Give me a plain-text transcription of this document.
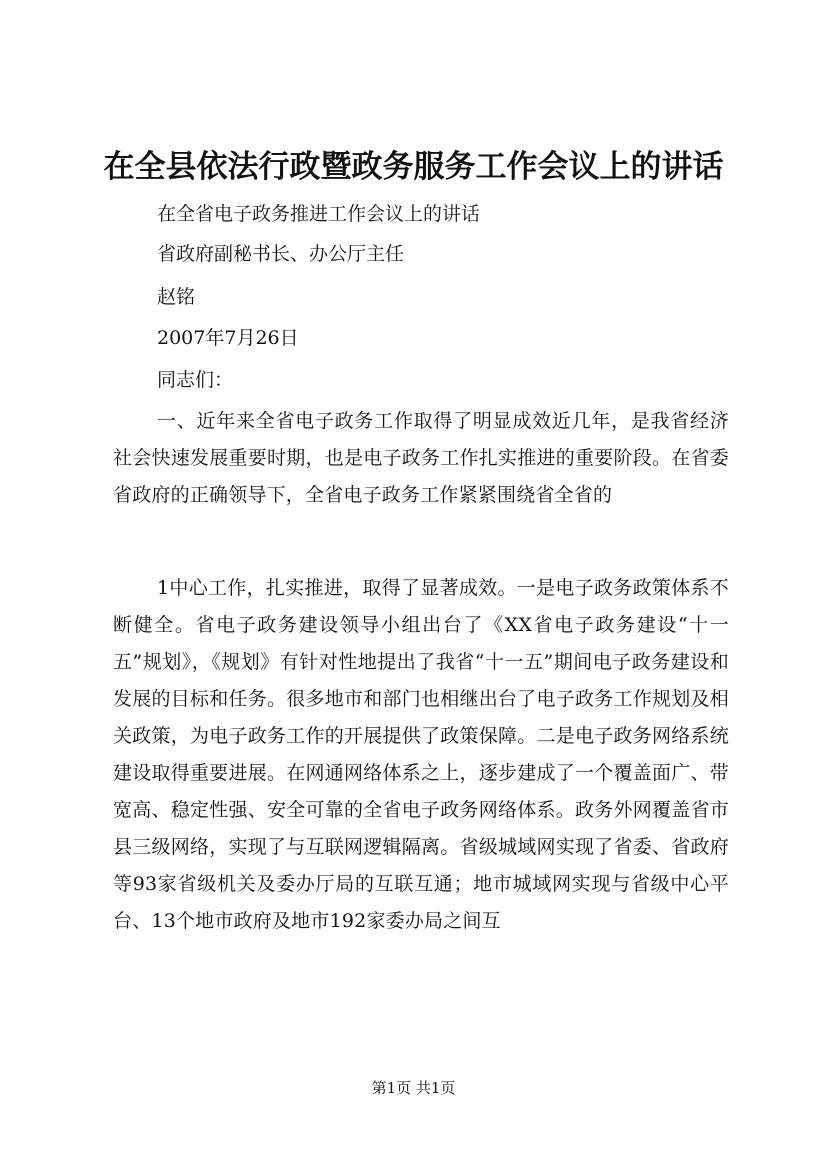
在全县依法行政暨政务服务工作会议上的讲话
在全省电子政务推进工作会议上的讲话
省政府副秘书长、办公厅主任
赵铭
2007年7月26日
同志们：

一、近年来全省电子政务工作取得了明显成效近几年，是我省经济社会快速发展重要时期，也是电子政务工作扎实推进的重要阶段。在省委省政府的正确领导下，全省电子政务工作紧紧围绕省全省的

1中心工作，扎实推进，取得了显著成效。一是电子政务政策体系不断健全。省电子政务建设领导小组出台了《XX省电子政务建设“十一五”规划》，《规划》有针对性地提出了我省“十一五”期间电子政务建设和发展的目标和任务。很多地市和部门也相继出台了电子政务工作规划及相关政策，为电子政务工作的开展提供了政策保障。二是电子政务网络系统建设取得重要进展。在网通网络体系之上，逐步建成了一个覆盖面广、带宽高、稳定性强、安全可靠的全省电子政务网络体系。政务外网覆盖省市县三级网络，实现了与互联网逻辑隔离。省级城域网实现了省委、省政府等93家省级机关及委办厅局的互联互通；地市城域网实现与省级中心平台、13个地市政府及地市192家委办局之间互

第1页 共1页
